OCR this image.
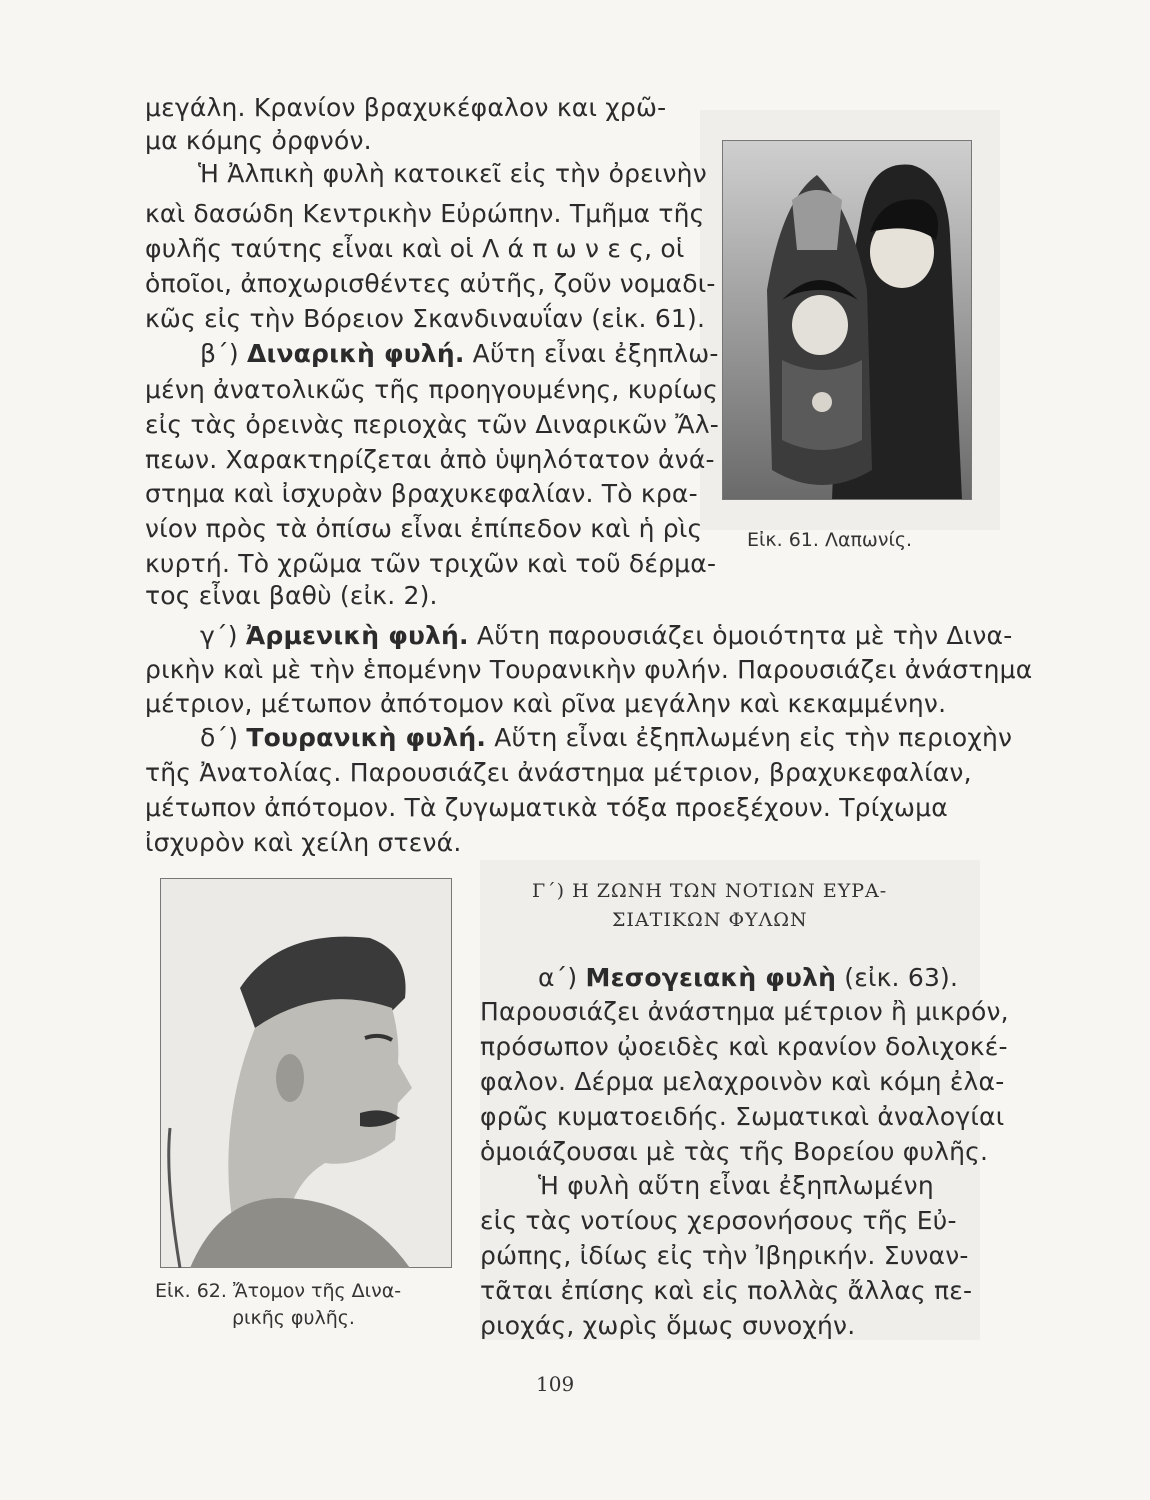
μεγάλη. Κρανίον βραχυκέφαλον και χρῶ-
μα κόμης ὀρφνόν.
Ἡ Ἀλπικὴ φυλὴ κατοικεῖ εἰς τὴν ὀρεινὴν
καὶ δασώδη Κεντρικὴν Εὐρώπην. Τμῆμα τῆς
φυλῆς ταύτης εἶναι καὶ οἱ Λ ά π ω ν ε ς, οἱ
ὁποῖοι, ἀποχωρισθέντες αὐτῆς, ζοῦν νομαδι-
κῶς εἰς τὴν Βόρειον Σκανδιναυΐαν (εἰκ. 61).
β΄) Διναρικὴ φυλή. Αὕτη εἶναι ἐξηπλω-
μένη ἀνατολικῶς τῆς προηγουμένης, κυρίως
εἰς τὰς ὀρεινὰς περιοχὰς τῶν Διναρικῶν Ἄλ-
πεων. Χαρακτηρίζεται ἀπὸ ὑψηλότατον ἀνά-
στημα καὶ ἰσχυρὰν βραχυκεφαλίαν. Τὸ κρα-
νίον πρὸς τὰ ὀπίσω εἶναι ἐπίπεδον καὶ ἡ ρὶς
κυρτή. Τὸ χρῶμα τῶν τριχῶν καὶ τοῦ δέρμα-
τος εἶναι βαθὺ (εἰκ. 2).
Εἰκ. 61. Λαπωνίς.
γ΄) Ἀρμενικὴ φυλή. Αὕτη παρουσιάζει ὁμοιότητα μὲ τὴν Δινα-
ρικὴν καὶ μὲ τὴν ἑπομένην Τουρανικὴν φυλήν. Παρουσιάζει ἀνάστημα
μέτριον, μέτωπον ἀπότομον καὶ ρῖνα μεγάλην καὶ κεκαμμένην.
δ΄) Τουρανικὴ φυλή. Αὕτη εἶναι ἐξηπλωμένη εἰς τὴν περιοχὴν
τῆς Ἀνατολίας. Παρουσιάζει ἀνάστημα μέτριον, βραχυκεφαλίαν,
μέτωπον ἀπότομον. Τὰ ζυγωματικὰ τόξα προεξέχουν. Τρίχωμα
ἰσχυρὸν καὶ χείλη στενά.
Εἰκ. 62. Ἄτομον τῆς Δινα-
ρικῆς φυλῆς.
Γ΄) Η ΖΩΝΗ ΤΩΝ ΝΟΤΙΩΝ ΕΥΡΑ-
ΣΙΑΤΙΚΩΝ ΦΥΛΩΝ
α΄) Μεσογειακὴ φυλὴ (εἰκ. 63).
Παρουσιάζει ἀνάστημα μέτριον ἢ μικρόν,
πρόσωπον ᾠοειδὲς καὶ κρανίον δολιχοκέ-
φαλον. Δέρμα μελαχροινὸν καὶ κόμη ἐλα-
φρῶς κυματοειδής. Σωματικαὶ ἀναλογίαι
ὁμοιάζουσαι μὲ τὰς τῆς Βορείου φυλῆς.
Ἡ φυλὴ αὕτη εἶναι ἐξηπλωμένη
εἰς τὰς νοτίους χερσονήσους τῆς Εὐ-
ρώπης, ἰδίως εἰς τὴν Ἰβηρικήν. Συναν-
τᾶται ἐπίσης καὶ εἰς πολλὰς ἄλλας πε-
ριοχάς, χωρὶς ὅμως συνοχήν.
109
